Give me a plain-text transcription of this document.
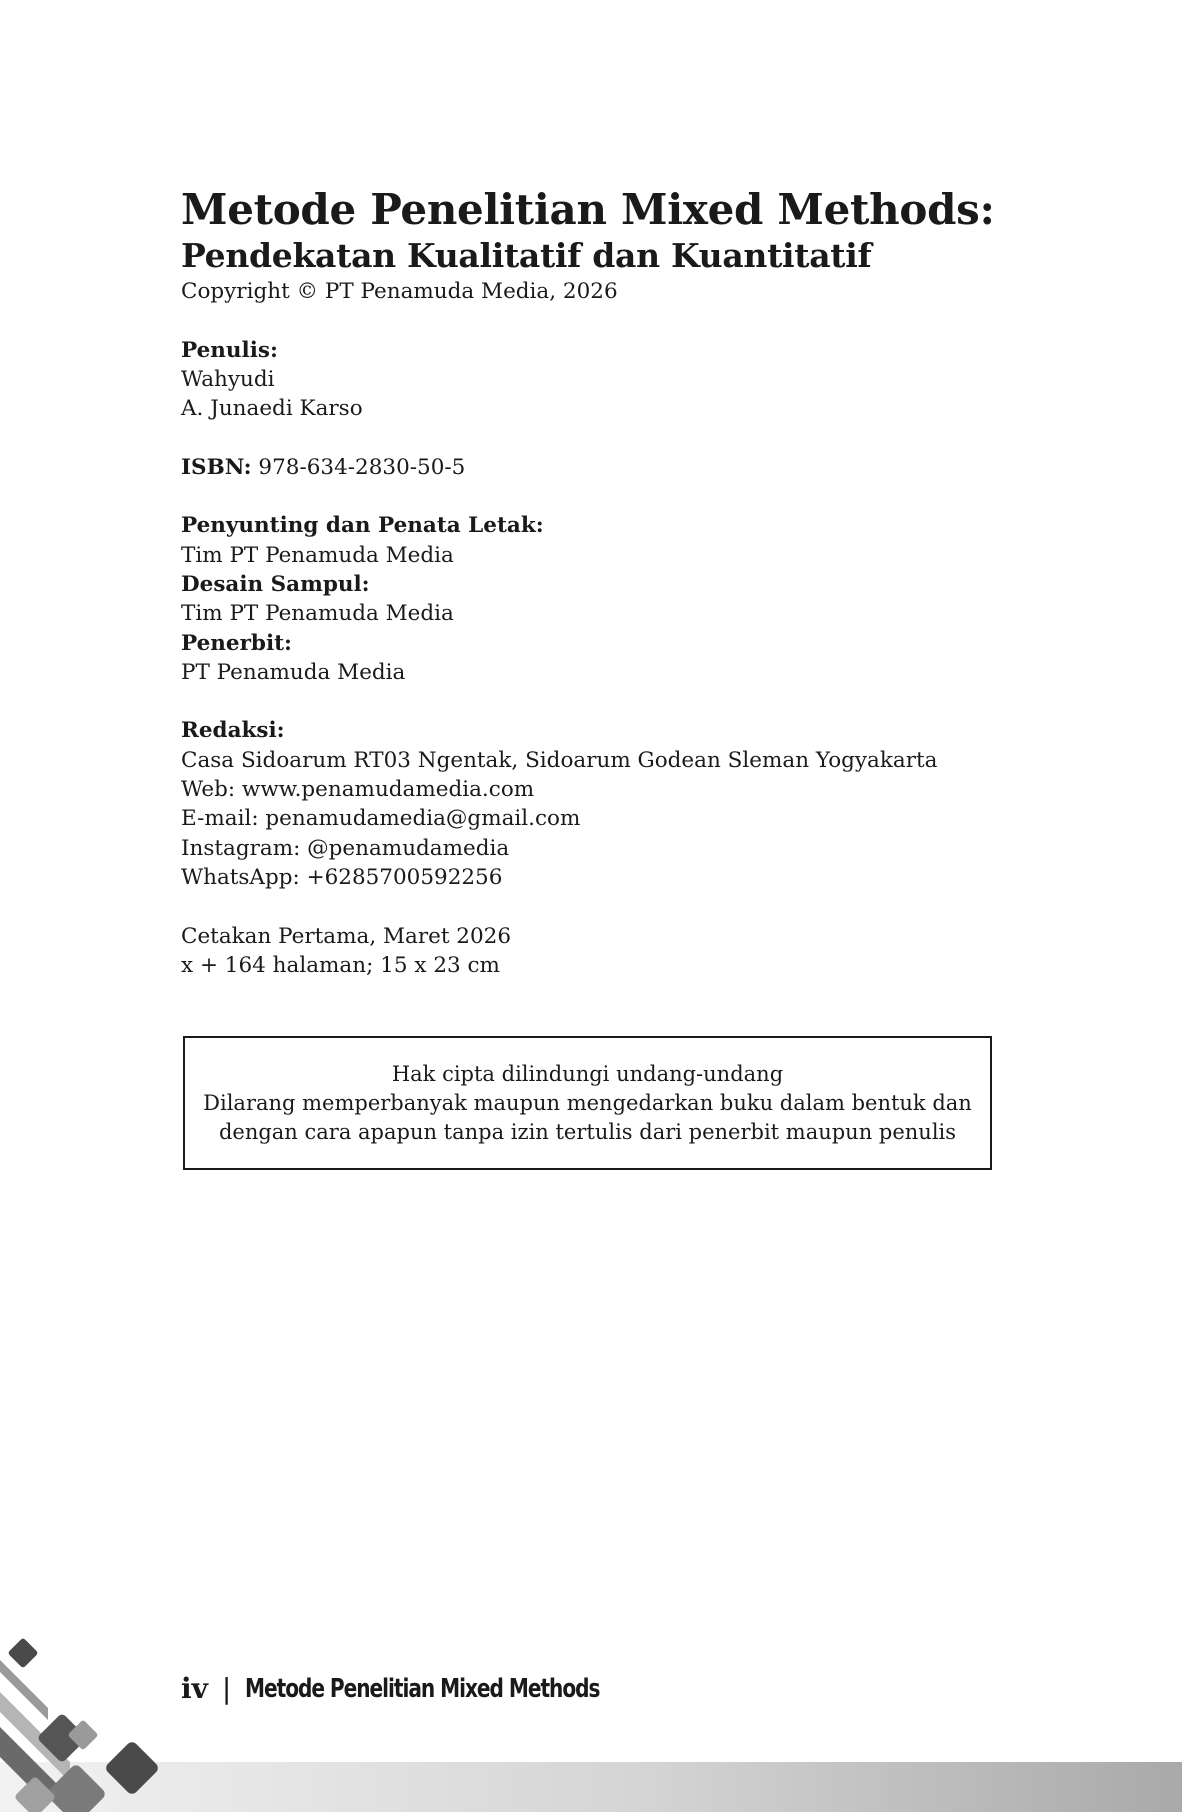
Metode Penelitian Mixed Methods:
Pendekatan Kualitatif dan Kuantitatif

Copyright © PT Penamuda Media, 2026

Penulis:

Wahyudi

A. Junaedi Karso

ISBN: 978-634-2830-50-5

Penyunting dan Penata Letak:

Tim PT Penamuda Media

Desain Sampul:

Tim PT Penamuda Media

Penerbit:

PT Penamuda Media

Redaksi:

Casa Sidoarum RT03 Ngentak, Sidoarum Godean Sleman Yogyakarta

Web: www.penamudamedia.com

E-mail: penamudamedia@gmail.com

Instagram: @penamudamedia

WhatsApp: +6285700592256

Cetakan Pertama, Maret 2026

x + 164 halaman; 15 x 23 cm

Hak cipta dilindungi undang-undang

Dilarang memperbanyak maupun mengedarkan buku dalam bentuk dan

dengan cara apapun tanpa izin tertulis dari penerbit maupun penulis

iv | Metode Penelitian Mixed Methods
